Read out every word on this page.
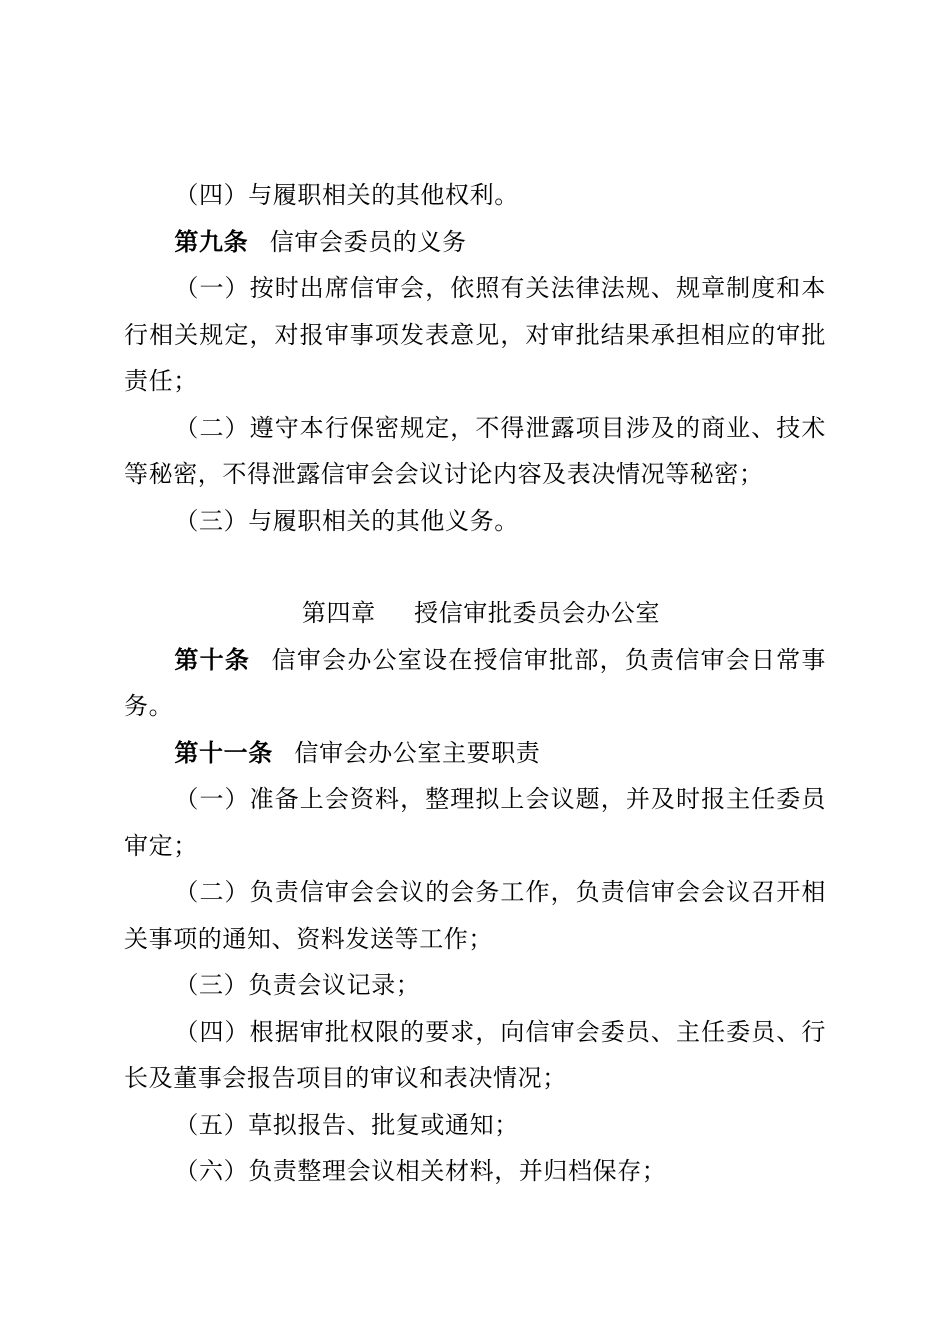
（四）与履职相关的其他权利。

第九条 信审会委员的义务

（一）按时出席信审会，依照有关法律法规、规章制度和本行相关规定，对报审事项发表意见，对审批结果承担相应的审批责任；

（二）遵守本行保密规定，不得泄露项目涉及的商业、技术等秘密，不得泄露信审会会议讨论内容及表决情况等秘密；

（三）与履职相关的其他义务。

第四章 授信审批委员会办公室

第十条 信审会办公室设在授信审批部，负责信审会日常事务。

第十一条 信审会办公室主要职责

（一）准备上会资料，整理拟上会议题，并及时报主任委员审定；

（二）负责信审会会议的会务工作，负责信审会会议召开相关事项的通知、资料发送等工作；

（三）负责会议记录；

（四）根据审批权限的要求，向信审会委员、主任委员、行长及董事会报告项目的审议和表决情况；

（五）草拟报告、批复或通知；

（六）负责整理会议相关材料，并归档保存；
